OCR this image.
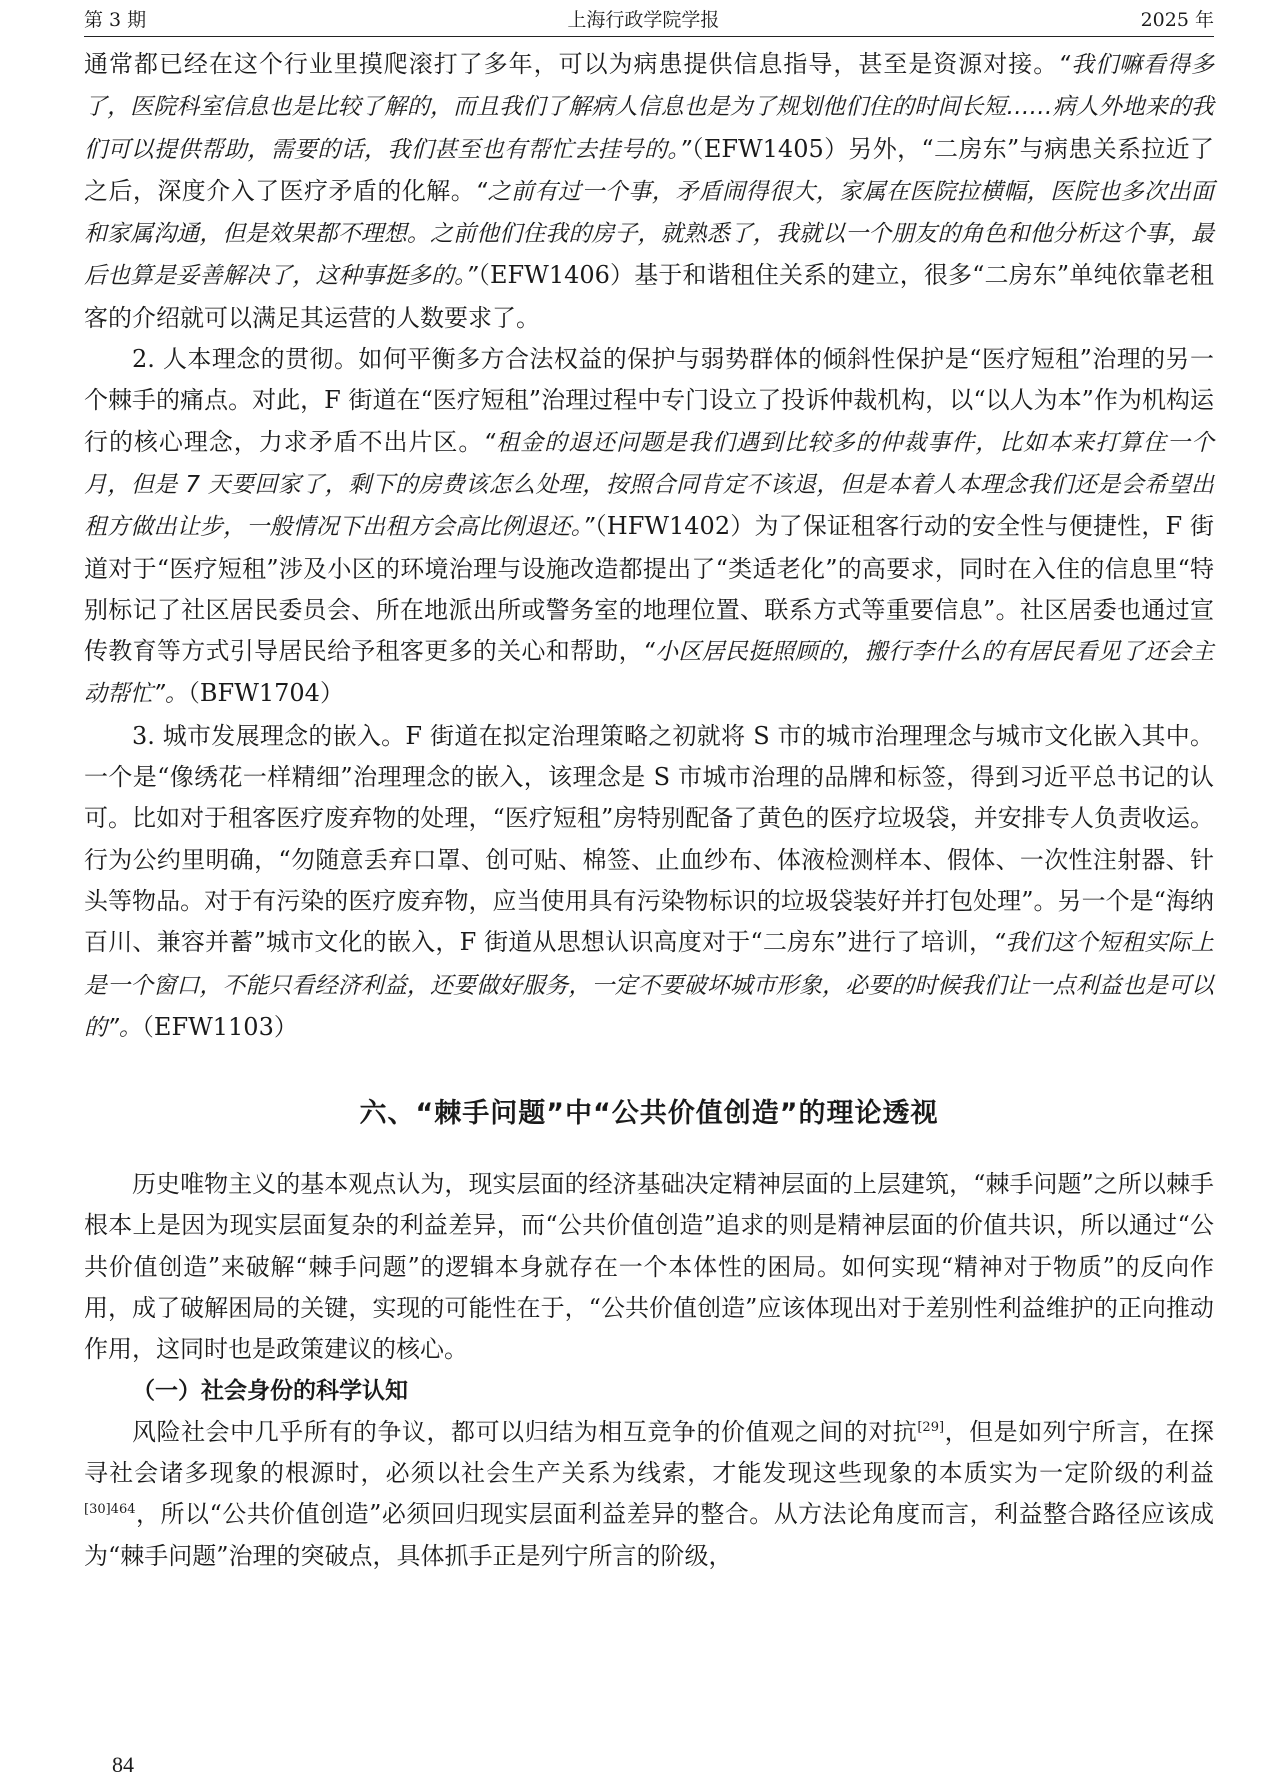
第 3 期	上海行政学院学报	2025 年

通常都已经在这个行业里摸爬滚打了多年，可以为病患提供信息指导，甚至是资源对接。“我们嘛看得多了，医院科室信息也是比较了解的，而且我们了解病人信息也是为了规划他们住的时间长短……病人外地来的我们可以提供帮助，需要的话，我们甚至也有帮忙去挂号的。”（EFW1405）另外，“二房东”与病患关系拉近了之后，深度介入了医疗矛盾的化解。“之前有过一个事，矛盾闹得很大，家属在医院拉横幅，医院也多次出面和家属沟通，但是效果都不理想。之前他们住我的房子，就熟悉了，我就以一个朋友的角色和他分析这个事，最后也算是妥善解决了，这种事挺多的。”（EFW1406）基于和谐租住关系的建立，很多“二房东”单纯依靠老租客的介绍就可以满足其运营的人数要求了。

2. 人本理念的贯彻。如何平衡多方合法权益的保护与弱势群体的倾斜性保护是“医疗短租”治理的另一个棘手的痛点。对此，F 街道在“医疗短租”治理过程中专门设立了投诉仲裁机构，以“以人为本”作为机构运行的核心理念，力求矛盾不出片区。“租金的退还问题是我们遇到比较多的仲裁事件，比如本来打算住一个月，但是 7 天要回家了，剩下的房费该怎么处理，按照合同肯定不该退，但是本着人本理念我们还是会希望出租方做出让步，一般情况下出租方会高比例退还。”（HFW1402）为了保证租客行动的安全性与便捷性，F 街道对于“医疗短租”涉及小区的环境治理与设施改造都提出了“类适老化”的高要求，同时在入住的信息里“特别标记了社区居民委员会、所在地派出所或警务室的地理位置、联系方式等重要信息”。社区居委也通过宣传教育等方式引导居民给予租客更多的关心和帮助，“小区居民挺照顾的，搬行李什么的有居民看见了还会主动帮忙”。（BFW1704）

3. 城市发展理念的嵌入。F 街道在拟定治理策略之初就将 S 市的城市治理理念与城市文化嵌入其中。一个是“像绣花一样精细”治理理念的嵌入，该理念是 S 市城市治理的品牌和标签，得到习近平总书记的认可。比如对于租客医疗废弃物的处理，“医疗短租”房特别配备了黄色的医疗垃圾袋，并安排专人负责收运。行为公约里明确，“勿随意丢弃口罩、创可贴、棉签、止血纱布、体液检测样本、假体、一次性注射器、针头等物品。对于有污染的医疗废弃物，应当使用具有污染物标识的垃圾袋装好并打包处理”。另一个是“海纳百川、兼容并蓄”城市文化的嵌入，F 街道从思想认识高度对于“二房东”进行了培训，“我们这个短租实际上是一个窗口，不能只看经济利益，还要做好服务，一定不要破坏城市形象，必要的时候我们让一点利益也是可以的”。（EFW1103）

六、“棘手问题”中“公共价值创造”的理论透视

历史唯物主义的基本观点认为，现实层面的经济基础决定精神层面的上层建筑，“棘手问题”之所以棘手根本上是因为现实层面复杂的利益差异，而“公共价值创造”追求的则是精神层面的价值共识，所以通过“公共价值创造”来破解“棘手问题”的逻辑本身就存在一个本体性的困局。如何实现“精神对于物质”的反向作用，成了破解困局的关键，实现的可能性在于，“公共价值创造”应该体现出对于差别性利益维护的正向推动作用，这同时也是政策建议的核心。

（一）社会身份的科学认知

风险社会中几乎所有的争议，都可以归结为相互竞争的价值观之间的对抗[29]，但是如列宁所言，在探寻社会诸多现象的根源时，必须以社会生产关系为线索，才能发现这些现象的本质实为一定阶级的利益$^{[30]464}$，所以“公共价值创造”必须回归现实层面利益差异的整合。从方法论角度而言，利益整合路径应该成为“棘手问题”治理的突破点，具体抓手正是列宁所言的阶级，

84
